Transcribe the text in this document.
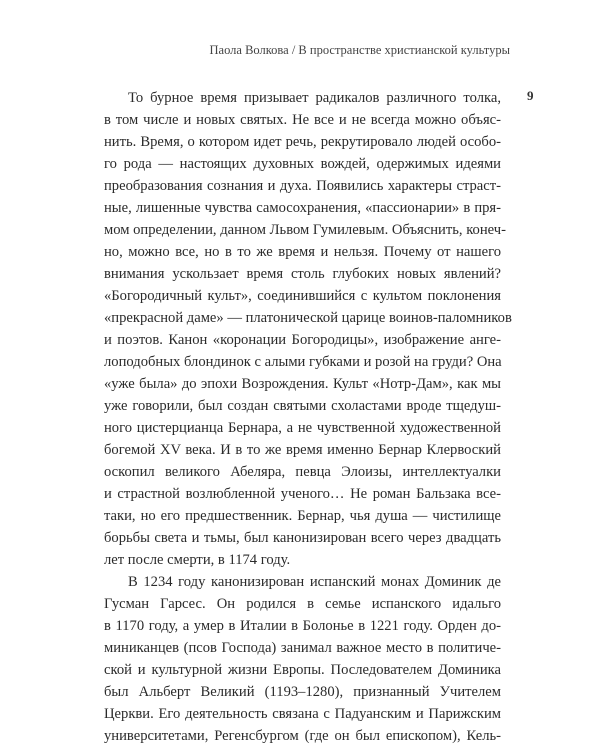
Паола Волкова / В пространстве христианской культуры
9
То бурное время призывает радикалов различного толка,
в том числе и новых святых. Не все и не всегда можно объяс-
нить. Время, о котором идет речь, рекрутировало людей особо-
го рода — настоящих духовных вождей, одержимых идеями
преобразования сознания и духа. Появились характеры страст-
ные, лишенные чувства самосохранения, «пассионарии» в пря-
мом определении, данном Львом Гумилевым. Объяснить, конеч-
но, можно все, но в то же время и нельзя. Почему от нашего
внимания ускользает время столь глубоких новых явлений?
«Богородичный культ», соединившийся с культом поклонения
«прекрасной даме» — платонической царице воинов-паломников
и поэтов. Канон «коронации Богородицы», изображение анге-
лоподобных блондинок с алыми губками и розой на груди? Она
«уже была» до эпохи Возрождения. Культ «Нотр-Дам», как мы
уже говорили, был создан святыми схоластами вроде тщедуш-
ного цистерцианца Бернара, а не чувственной художественной
богемой XV века. И в то же время именно Бернар Клервоский
оскопил великого Абеляра, певца Элоизы, интеллектуалки
и страстной возлюбленной ученого… Не роман Бальзака все-
таки, но его предшественник. Бернар, чья душа — чистилище
борьбы света и тьмы, был канонизирован всего через двадцать
лет после смерти, в 1174 году.
В 1234 году канонизирован испанский монах Доминик де
Гусман Гарсес. Он родился в семье испанского идальго
в 1170 году, а умер в Италии в Болонье в 1221 году. Орден до-
миниканцев (псов Господа) занимал важное место в политиче-
ской и культурной жизни Европы. Последователем Доминика
был Альберт Великий (1193–1280), признанный Учителем
Церкви. Его деятельность связана с Падуанским и Парижским
университетами, Регенсбургом (где он был епископом), Кель-
